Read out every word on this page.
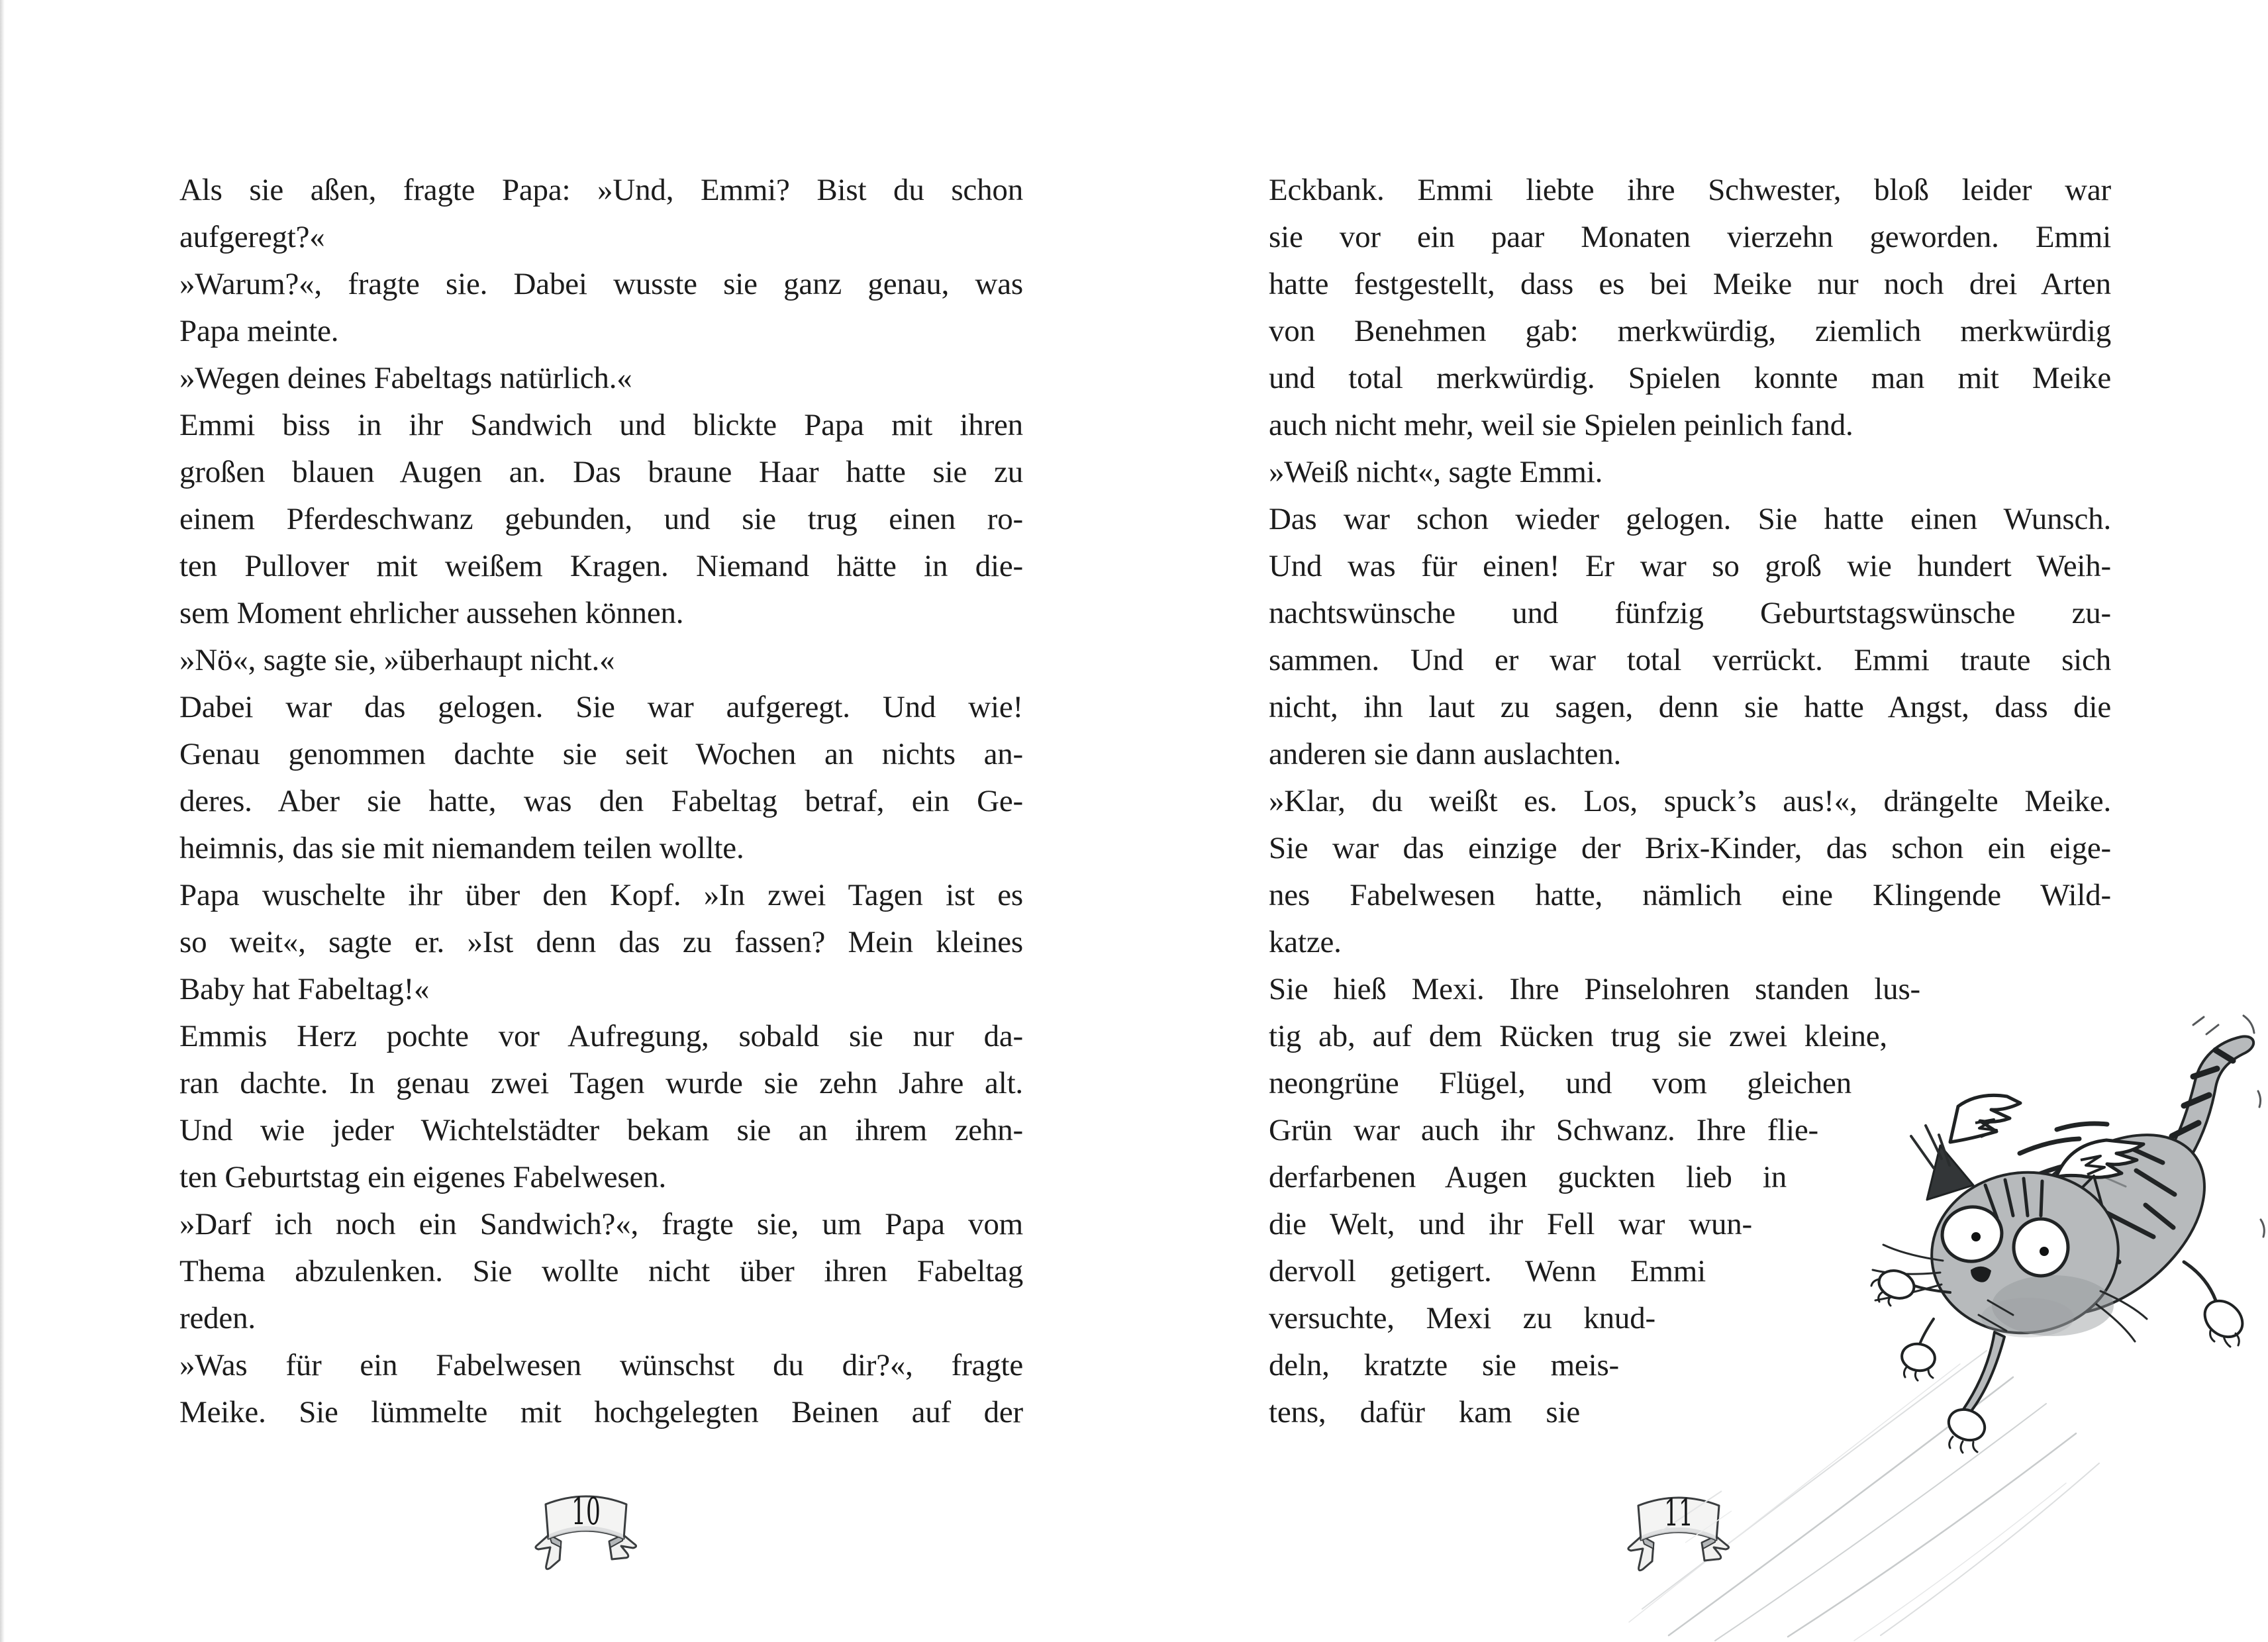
Als sie aßen, fragte Papa: »Und, Emmi? Bist du schon
aufgeregt?«
»Warum?«, fragte sie. Dabei wusste sie ganz genau, was
Papa meinte.
»Wegen deines Fabeltags natürlich.«
Emmi biss in ihr Sandwich und blickte Papa mit ihren
großen blauen Augen an. Das braune Haar hatte sie zu
einem Pferdeschwanz gebunden, und sie trug einen ro-
ten Pullover mit weißem Kragen. Niemand hätte in die-
sem Moment ehrlicher aussehen können.
»Nö«, sagte sie, »überhaupt nicht.«
Dabei war das gelogen. Sie war aufgeregt. Und wie!
Genau genommen dachte sie seit Wochen an nichts an-
deres. Aber sie hatte, was den Fabeltag betraf, ein Ge-
heimnis, das sie mit niemandem teilen wollte.
Papa wuschelte ihr über den Kopf. »In zwei Tagen ist es
so weit«, sagte er. »Ist denn das zu fassen? Mein kleines
Baby hat Fabeltag!«
Emmis Herz pochte vor Aufregung, sobald sie nur da-
ran dachte. In genau zwei Tagen wurde sie zehn Jahre alt.
Und wie jeder Wichtelstädter bekam sie an ihrem zehn-
ten Geburtstag ein eigenes Fabelwesen.
»Darf ich noch ein Sandwich?«, fragte sie, um Papa vom
Thema abzulenken. Sie wollte nicht über ihren Fabeltag
reden.
»Was für ein Fabelwesen wünschst du dir?«, fragte
Meike. Sie lümmelte mit hochgelegten Beinen auf der
Eckbank. Emmi liebte ihre Schwester, bloß leider war
sie vor ein paar Monaten vierzehn geworden. Emmi
hatte festgestellt, dass es bei Meike nur noch drei Arten
von Benehmen gab: merkwürdig, ziemlich merkwürdig
und total merkwürdig. Spielen konnte man mit Meike
auch nicht mehr, weil sie Spielen peinlich fand.
»Weiß nicht«, sagte Emmi.
Das war schon wieder gelogen. Sie hatte einen Wunsch.
Und was für einen! Er war so groß wie hundert Weih-
nachtswünsche und fünfzig Geburtstagswünsche zu-
sammen. Und er war total verrückt. Emmi traute sich
nicht, ihn laut zu sagen, denn sie hatte Angst, dass die
anderen sie dann auslachten.
»Klar, du weißt es. Los, spuck’s aus!«, drängelte Meike.
Sie war das einzige der Brix-Kinder, das schon ein eige-
nes Fabelwesen hatte, nämlich eine Klingende Wild-
katze.
Sie hieß Mexi. Ihre Pinselohren standen lus-
tig ab, auf dem Rücken trug sie zwei kleine,
neongrüne Flügel, und vom gleichen
Grün war auch ihr Schwanz. Ihre flie-
derfarbenen Augen guckten lieb in
die Welt, und ihr Fell war wun-
dervoll getigert. Wenn Emmi
versuchte, Mexi zu knud-
deln, kratzte sie meis-
tens, dafür kam sie
10	11
